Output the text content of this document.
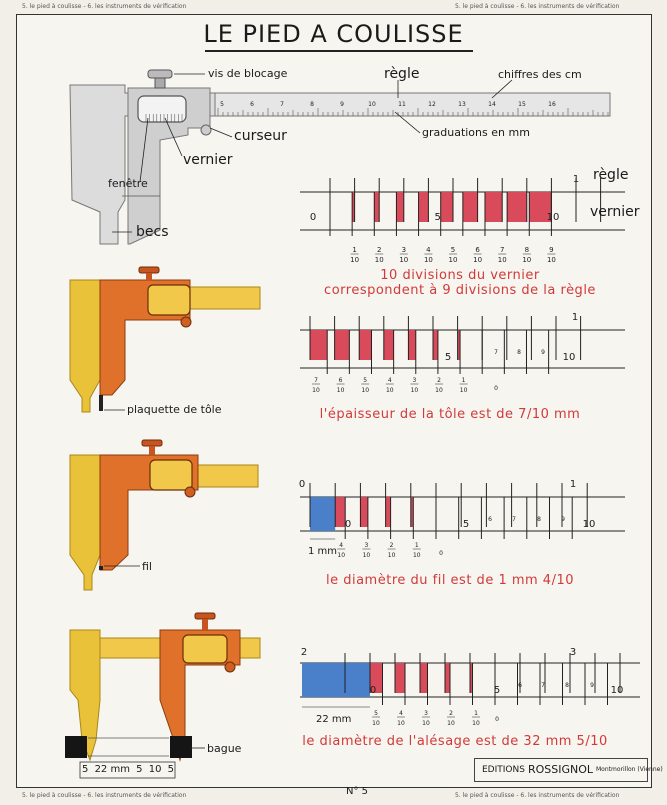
5. le pied à coulisse - 6. les instruments de vérification	5. le pied à coulisse - 6. les instruments de vérification
5. le pied à coulisse - 6. les instruments de vérification	5. le pied à coulisse - 6. les instruments de vérification
LE PIED A COULISSE
5	6	7	8	9	10	11	12	13	14	15	16
1
10
2
10
3
10
4
10
5
10
6
10
7
10
8
10
9
10
0	5	10
1
7
10
6
10
5
10
4
10
3
10
2
10
1
10	0
5	7	8	9 10
1
4
10
3
10
2
10
1
10	0
0
0	5	6	7	8	9 10
1
5
10
4
10
3
10
2
10
1
10
0
2
0	5	6	7	8	9 10
3
vis de blocage	règle	chiffres des cm
curseur	graduations en mm
vernier
fenêtre
becs
plaquette de tôle
fil
bague
règle
vernier
10 divisions du vernier
correspondent à 9 divisions de la règle
l'épaisseur de la tôle est de 7/10 mm
le diamètre du fil est de 1 mm 4/10
le diamètre de l'alésage est de 32 mm 5/10
1 mm
22 mm
5 22 mm 5 10 5	EDITIONS ROSSIGNOL Montmorillon (Vienne)
N° 5
